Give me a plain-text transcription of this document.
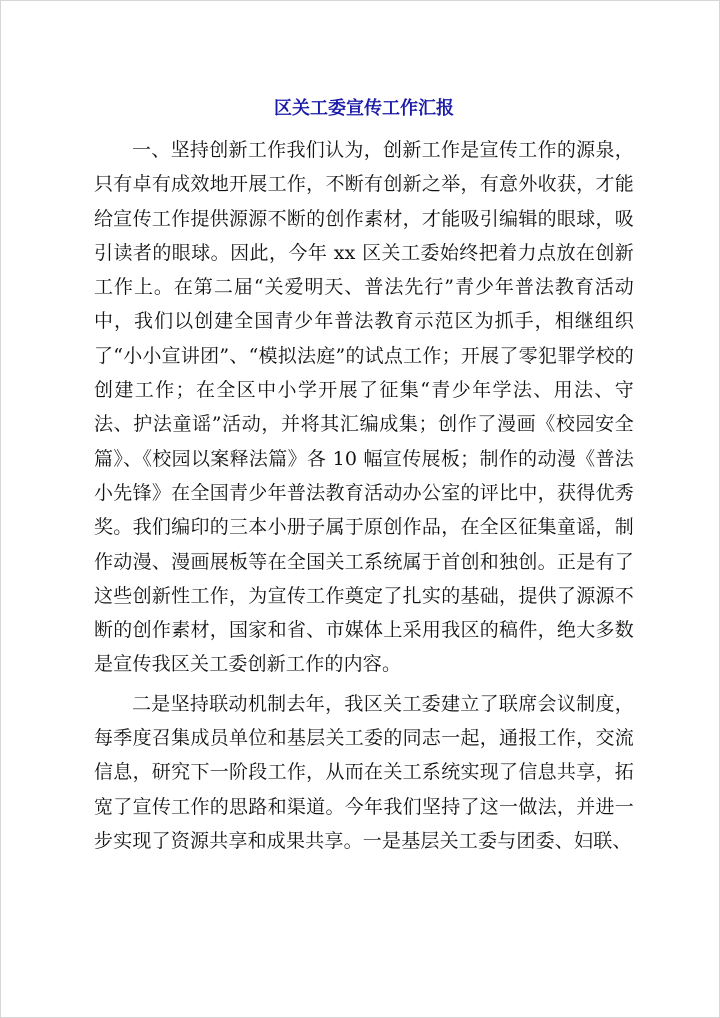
区关工委宣传工作汇报

一、坚持创新工作我们认为，创新工作是宣传工作的源泉，只有卓有成效地开展工作，不断有创新之举，有意外收获，才能给宣传工作提供源源不断的创作素材，才能吸引编辑的眼球，吸引读者的眼球。因此，今年 xx 区关工委始终把着力点放在创新工作上。在第二届“关爱明天、普法先行”青少年普法教育活动中，我们以创建全国青少年普法教育示范区为抓手，相继组织了“小小宣讲团”、“模拟法庭”的试点工作；开展了零犯罪学校的创建工作；在全区中小学开展了征集“青少年学法、用法、守法、护法童谣”活动，并将其汇编成集；创作了漫画《校园安全篇》、《校园以案释法篇》各 10 幅宣传展板；制作的动漫《普法小先锋》在全国青少年普法教育活动办公室的评比中，获得优秀奖。我们编印的三本小册子属于原创作品，在全区征集童谣，制作动漫、漫画展板等在全国关工系统属于首创和独创。正是有了这些创新性工作，为宣传工作奠定了扎实的基础，提供了源源不断的创作素材，国家和省、市媒体上采用我区的稿件，绝大多数是宣传我区关工委创新工作的内容。

二是坚持联动机制去年，我区关工委建立了联席会议制度，每季度召集成员单位和基层关工委的同志一起，通报工作，交流信息，研究下一阶段工作，从而在关工系统实现了信息共享，拓宽了宣传工作的思路和渠道。今年我们坚持了这一做法，并进一步实现了资源共享和成果共享。一是基层关工委与团委、妇联、
